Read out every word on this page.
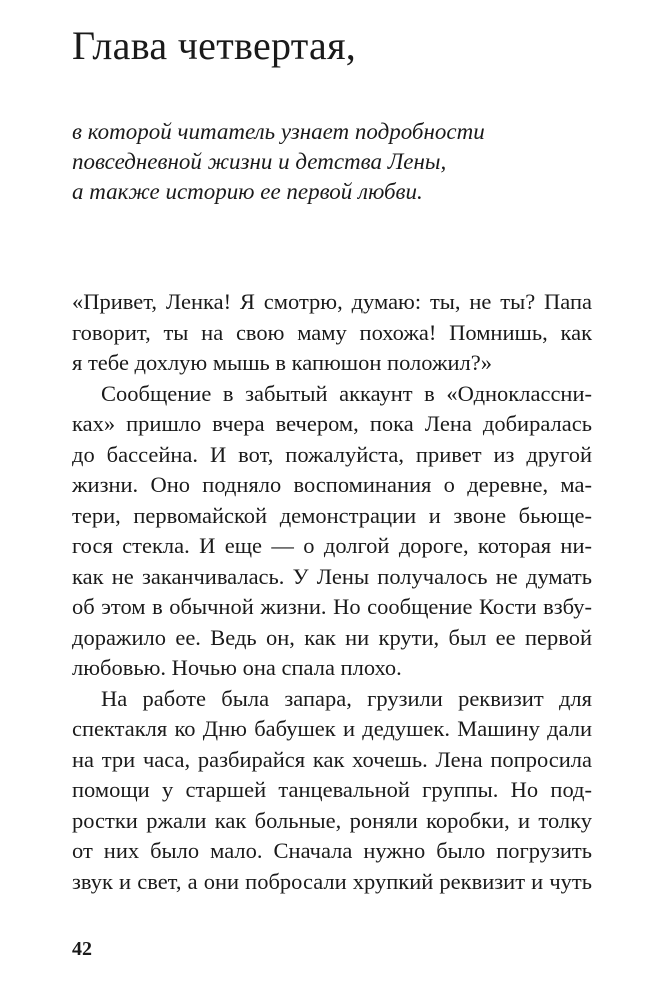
Глава четвертая,
в которой читатель узнает подробности
повседневной жизни и детства Лены,
а также историю ее первой любви.

«Привет, Ленка! Я смотрю, думаю: ты, не ты? Папа
говорит, ты на свою маму похожа! Помнишь, как
я тебе дохлую мышь в капюшон положил?»

Сообщение в забытый аккаунт в «Одноклассни-
ках» пришло вчера вечером, пока Лена добиралась
до бассейна. И вот, пожалуйста, привет из другой
жизни. Оно подняло воспоминания о деревне, ма-
тери, первомайской демонстрации и звоне бьюще-
гося стекла. И еще — о долгой дороге, которая ни-
как не заканчивалась. У Лены получалось не думать
об этом в обычной жизни. Но сообщение Кости взбу-
доражило ее. Ведь он, как ни крути, был ее первой
любовью. Ночью она спала плохо.

На работе была запара, грузили реквизит для
спектакля ко Дню бабушек и дедушек. Машину дали
на три часа, разбирайся как хочешь. Лена попросила
помощи у старшей танцевальной группы. Но под-
ростки ржали как больные, роняли коробки, и толку
от них было мало. Сначала нужно было погрузить
звук и свет, а они побросали хрупкий реквизит и чуть

42
